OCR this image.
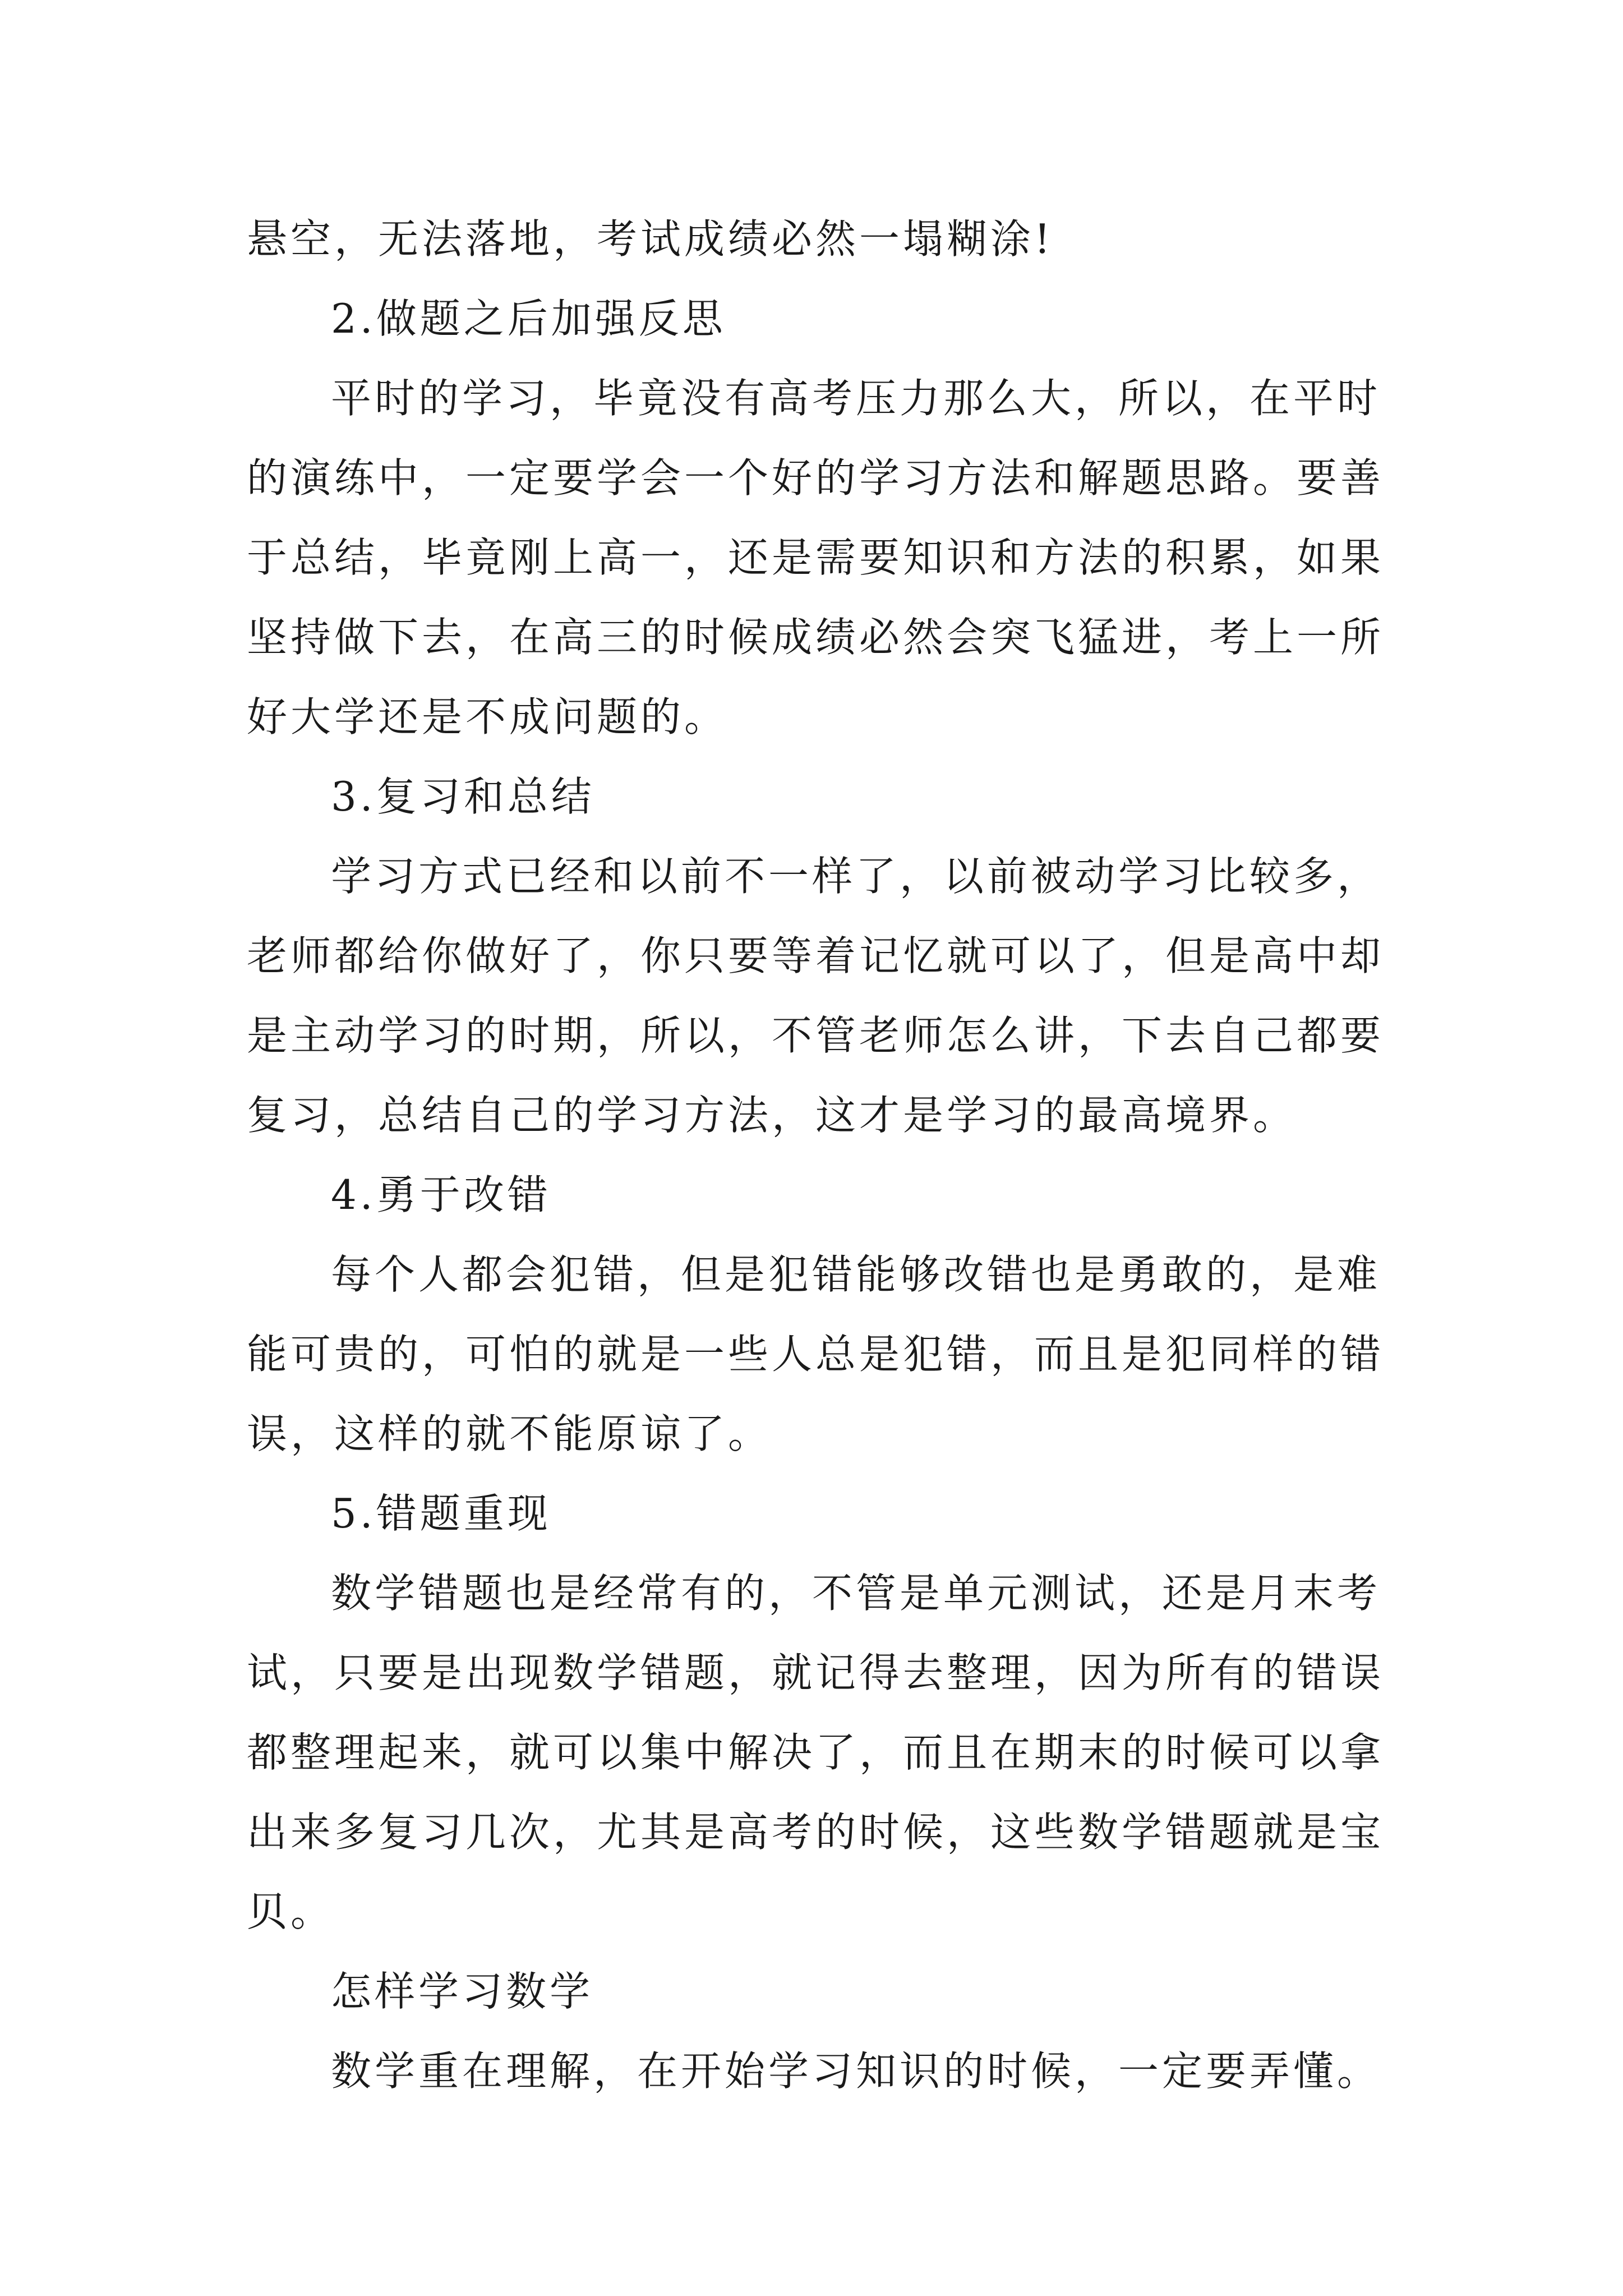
悬空，无法落地，考试成绩必然一塌糊涂!
2.做题之后加强反思
平时的学习，毕竟没有高考压力那么大，所以，在平时
的演练中，一定要学会一个好的学习方法和解题思路。要善
于总结，毕竟刚上高一，还是需要知识和方法的积累，如果
坚持做下去，在高三的时候成绩必然会突飞猛进，考上一所
好大学还是不成问题的。
3.复习和总结
学习方式已经和以前不一样了，以前被动学习比较多，
老师都给你做好了，你只要等着记忆就可以了，但是高中却
是主动学习的时期，所以，不管老师怎么讲，下去自己都要
复习，总结自己的学习方法，这才是学习的最高境界。
4.勇于改错
每个人都会犯错，但是犯错能够改错也是勇敢的，是难
能可贵的，可怕的就是一些人总是犯错，而且是犯同样的错
误，这样的就不能原谅了。
5.错题重现
数学错题也是经常有的，不管是单元测试，还是月末考
试，只要是出现数学错题，就记得去整理，因为所有的错误
都整理起来，就可以集中解决了，而且在期末的时候可以拿
出来多复习几次，尤其是高考的时候，这些数学错题就是宝
贝。
怎样学习数学
数学重在理解，在开始学习知识的时候，一定要弄懂。
